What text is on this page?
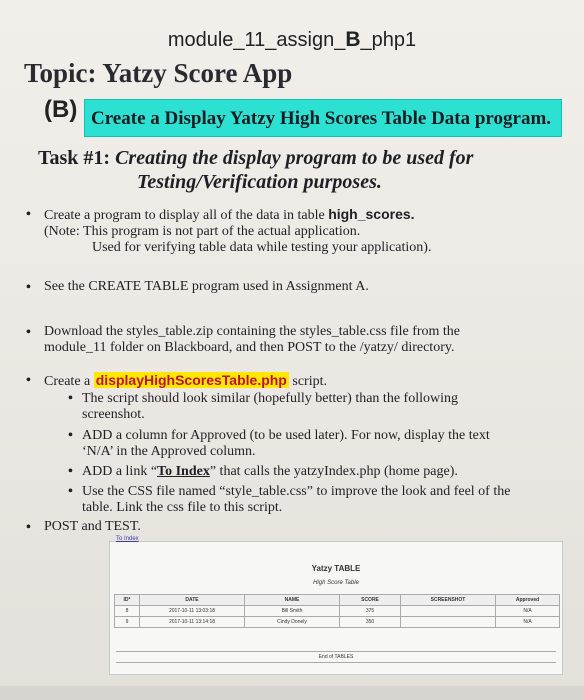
module_11_assign_B_php1
Topic: Yatzy Score App
(B) Create a Display Yatzy High Scores Table Data program.
Task #1: Creating the display program to be used for
Testing/Verification purposes.
• Create a program to display all of the data in table high_scores.
(Note: This program is not part of the actual application.
Used for verifying table data while testing your application).
• See the CREATE TABLE program used in Assignment A.
• Download the styles_table.zip containing the styles_table.css file from the
module_11 folder on Blackboard, and then POST to the /yatzy/ directory.
• Create a displayHighScoresTable.php script.
• The script should look similar (hopefully better) than the following
screenshot.
• ADD a column for Approved (to be used later). For now, display the text
‘N/A’ in the Approved column.
• ADD a link “To Index” that calls the yatzyIndex.php (home page).
• Use the CSS file named “style_table.css” to improve the look and feel of the
table. Link the css file to this script.
• POST and TEST.
To Index
Yatzy TABLE
High Score Table
ID*	DATE	NAME	SCORE	SCREENSHOT	Approved
8	2017-10-11 13:03:18	Bill Smith	375		N/A
9	2017-10-11 13:14:18	Cindy Donely	350		N/A
End of TABLES
